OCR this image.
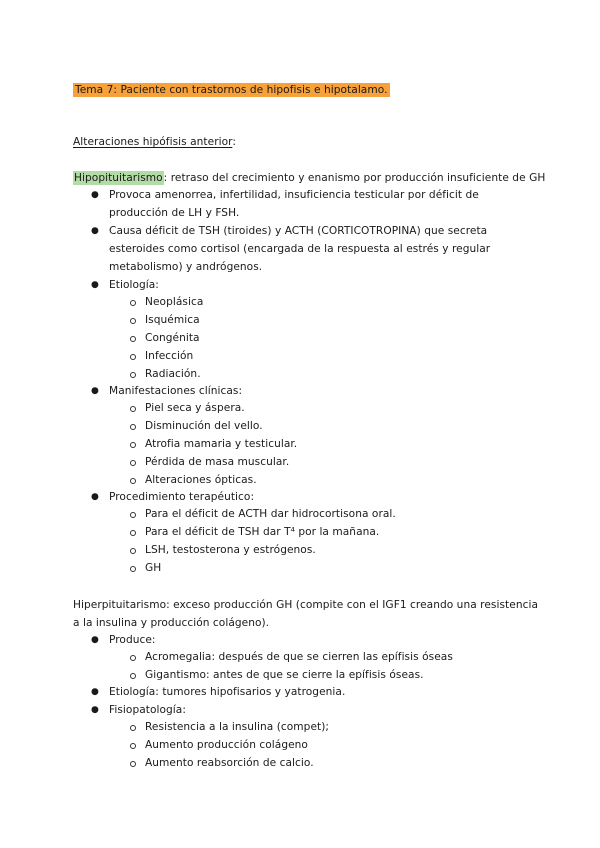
Tema 7: Paciente con trastornos de hipofisis e hipotalamo.
Alteraciones hipófisis anterior:
Hipopituitarismo: retraso del crecimiento y enanismo por producción insuficiente de GH
● Provoca amenorrea, infertilidad, insuficiencia testicular por déficit de
producción de LH y FSH.
● Causa déficit de TSH (tiroides) y ACTH (CORTICOTROPINA) que secreta
esteroides como cortisol (encargada de la respuesta al estrés y regular
metabolismo) y andrógenos.
● Etiología:
Neoplásica
Isquémica
Congénita
Infección
Radiación.
● Manifestaciones clínicas:
Piel seca y áspera.
Disminución del vello.
Atrofia mamaria y testicular.
Pérdida de masa muscular.
Alteraciones ópticas.
● Procedimiento terapéutico:
Para el déficit de ACTH dar hidrocortisona oral.
Para el déficit de TSH dar T⁴ por la mañana.
LSH, testosterona y estrógenos.
GH
Hiperpituitarismo: exceso producción GH (compite con el IGF1 creando una resistencia
a la insulina y producción colágeno).
● Produce:
Acromegalia: después de que se cierren las epífisis óseas
Gigantismo: antes de que se cierre la epífisis óseas.
● Etiología: tumores hipofisarios y yatrogenia.
● Fisiopatología:
Resistencia a la insulina (compet);
Aumento producción colágeno
Aumento reabsorción de calcio.
